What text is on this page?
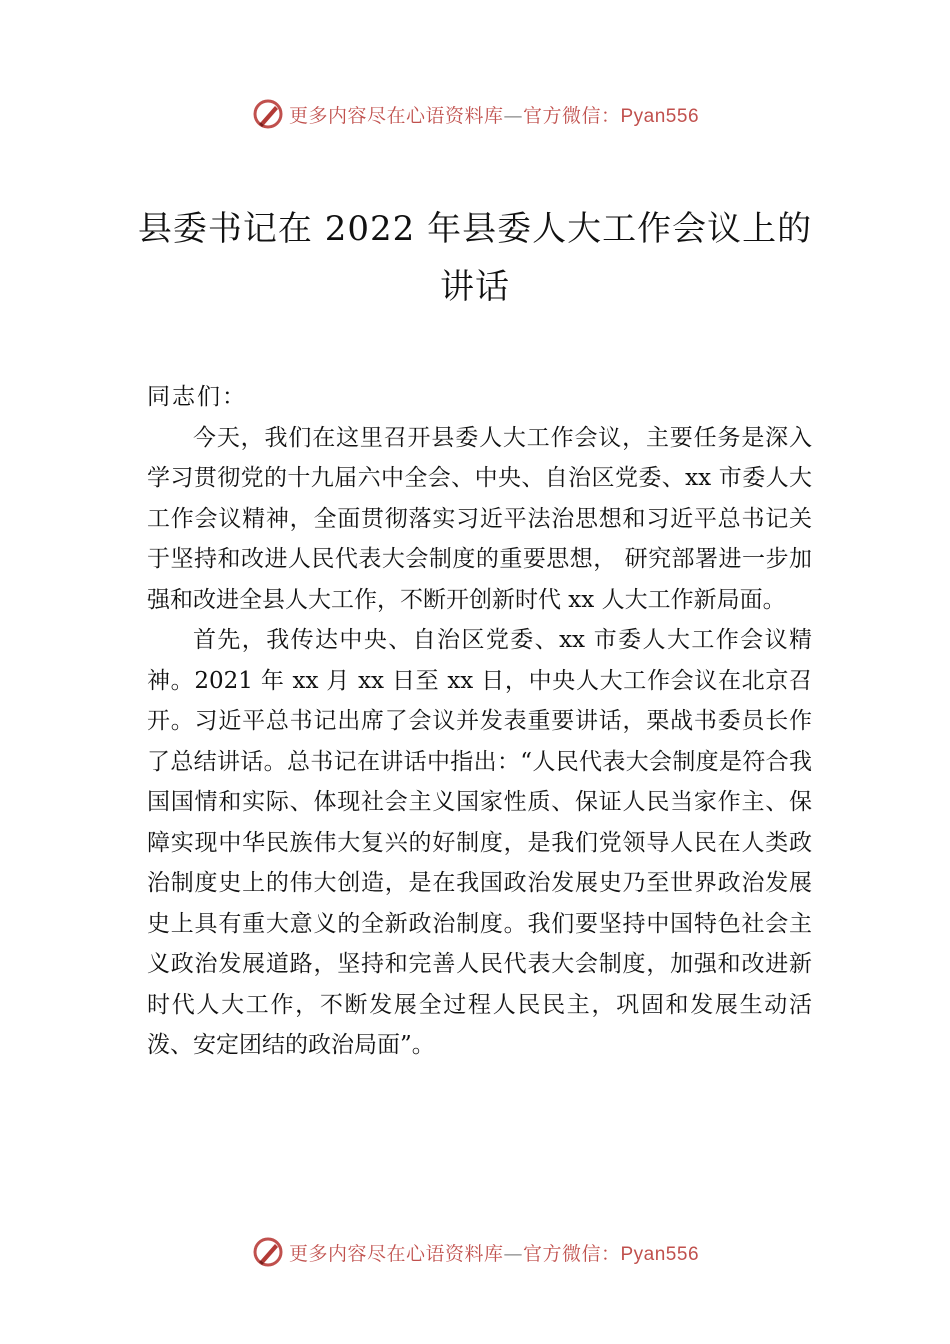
更多内容尽在心语资料库—官方微信：Pyan556
县委书记在 2022 年县委人大工作会议上的
讲话

同志们：

今天，我们在这里召开县委人大工作会议，主要任务是深入学习贯彻党的十九届六中全会、中央、自治区党委、xx 市委人大工作会议精神，全面贯彻落实习近平法治思想和习近平总书记关于坚持和改进人民代表大会制度的重要思想， 研究部署进一步加强和改进全县人大工作，不断开创新时代 xx 人大工作新局面。

首先，我传达中央、自治区党委、xx 市委人大工作会议精神。2021 年 xx 月 xx 日至 xx 日，中央人大工作会议在北京召开。习近平总书记出席了会议并发表重要讲话，栗战书委员长作了总结讲话。总书记在讲话中指出：“人民代表大会制度是符合我国国情和实际、体现社会主义国家性质、保证人民当家作主、保障实现中华民族伟大复兴的好制度，是我们党领导人民在人类政治制度史上的伟大创造，是在我国政治发展史乃至世界政治发展史上具有重大意义的全新政治制度。我们要坚持中国特色社会主义政治发展道路，坚持和完善人民代表大会制度，加强和改进新时代人大工作，不断发展全过程人民民主，巩固和发展生动活泼、安定团结的政治局面”。

更多内容尽在心语资料库—官方微信：Pyan556
